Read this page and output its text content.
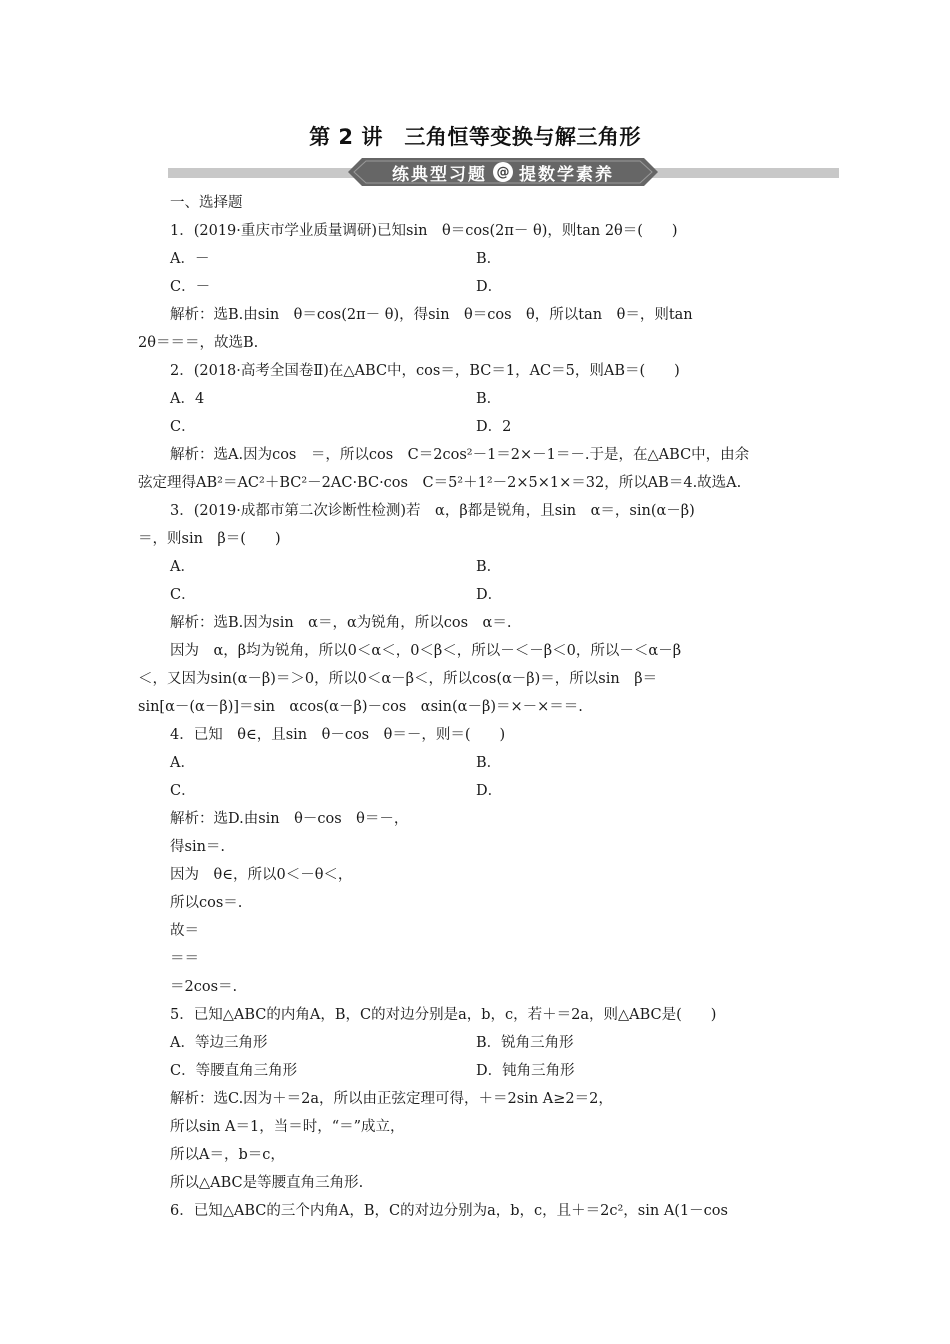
第 2 讲　三角恒等变换与解三角形
练典型习题 @ 提数学素养
一、选择题
1．(2019·重庆市学业质量调研)已知sin　θ＝cos(2π－ θ)，则tan 2θ＝(　　)
A．－	B．
C．－	D．
解析：选B.由sin　θ＝cos(2π－ θ)，得sin　θ＝cos　θ，所以tan　θ＝，则tan
2θ＝＝＝，故选B.
2．(2018·高考全国卷Ⅱ)在△ABC中，cos＝，BC＝1，AC＝5，则AB＝(　　)
A．4	B．
C．	D．2
解析：选A.因为cos　＝，所以cos　C＝2cos²－1＝2×－1＝－.于是，在△ABC中，由余
弦定理得AB²＝AC²＋BC²－2AC·BC·cos　C＝5²＋1²－2×5×1×＝32，所以AB＝4.故选A.
3．(2019·成都市第二次诊断性检测)若　α，β都是锐角，且sin　α＝，sin(α－β)
＝，则sin　β＝(　　)
A．	B．
C．	D．
解析：选B.因为sin　α＝，α为锐角，所以cos　α＝.
因为　α，β均为锐角，所以0＜α＜，0＜β＜，所以－＜－β＜0，所以－＜α－β
＜，又因为sin(α－β)＝＞0，所以0＜α－β＜，所以cos(α－β)＝，所以sin　β＝
sin[α－(α－β)]＝sin　αcos(α－β)－cos　αsin(α－β)＝×－×＝＝.
4．已知　θ∈，且sin　θ－cos　θ＝－，则＝(　　)
A．	B．
C．	D．
解析：选D.由sin　θ－cos　θ＝－，
得sin＝.
因为　θ∈，所以0＜－θ＜，
所以cos＝.
故＝
＝＝
＝2cos＝.
5．已知△ABC的内角A，B，C的对边分别是a，b，c，若＋＝2a，则△ABC是(　　)
A．等边三角形	B．锐角三角形
C．等腰直角三角形	D．钝角三角形
解析：选C.因为＋＝2a，所以由正弦定理可得，＋＝2sin A≥2＝2，
所以sin A＝1，当＝时，“＝”成立，
所以A＝，b＝c，
所以△ABC是等腰直角三角形.
6．已知△ABC的三个内角A，B，C的对边分别为a，b，c，且＋＝2c²，sin A(1－cos
